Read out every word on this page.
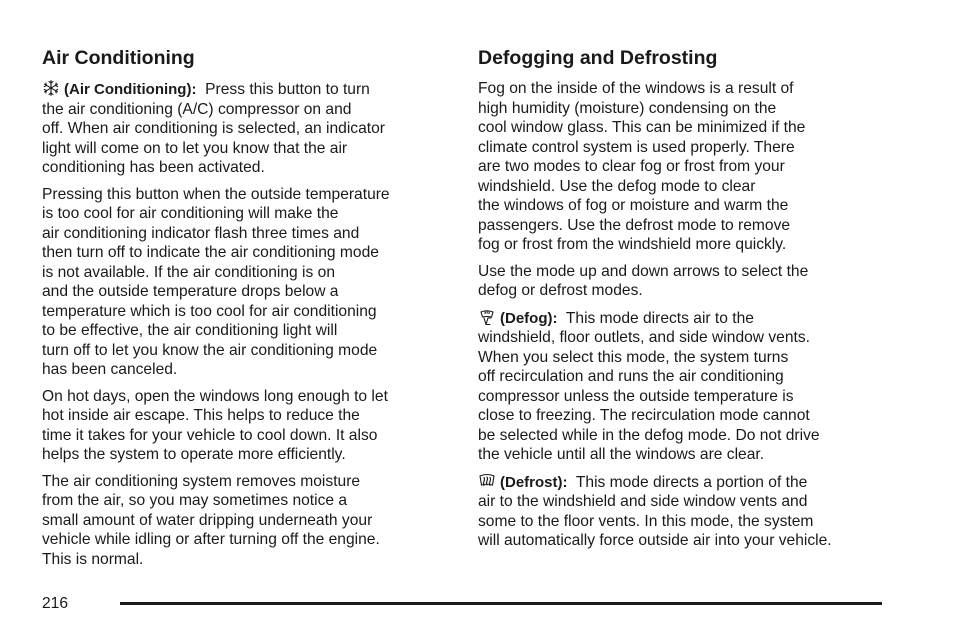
Air Conditioning

(Air Conditioning): Press this button to turn
the air conditioning (A/C) compressor on and
off. When air conditioning is selected, an indicator
light will come on to let you know that the air
conditioning has been activated.

Pressing this button when the outside temperature
is too cool for air conditioning will make the
air conditioning indicator flash three times and
then turn off to indicate the air conditioning mode
is not available. If the air conditioning is on
and the outside temperature drops below a
temperature which is too cool for air conditioning
to be effective, the air conditioning light will
turn off to let you know the air conditioning mode
has been canceled.

On hot days, open the windows long enough to let
hot inside air escape. This helps to reduce the
time it takes for your vehicle to cool down. It also
helps the system to operate more efficiently.

The air conditioning system removes moisture
from the air, so you may sometimes notice a
small amount of water dripping underneath your
vehicle while idling or after turning off the engine.
This is normal.

Defogging and Defrosting

Fog on the inside of the windows is a result of
high humidity (moisture) condensing on the
cool window glass. This can be minimized if the
climate control system is used properly. There
are two modes to clear fog or frost from your
windshield. Use the defog mode to clear
the windows of fog or moisture and warm the
passengers. Use the defrost mode to remove
fog or frost from the windshield more quickly.

Use the mode up and down arrows to select the
defog or defrost modes.

(Defog): This mode directs air to the
windshield, floor outlets, and side window vents.
When you select this mode, the system turns
off recirculation and runs the air conditioning
compressor unless the outside temperature is
close to freezing. The recirculation mode cannot
be selected while in the defog mode. Do not drive
the vehicle until all the windows are clear.

(Defrost): This mode directs a portion of the
air to the windshield and side window vents and
some to the floor vents. In this mode, the system
will automatically force outside air into your vehicle.

216
